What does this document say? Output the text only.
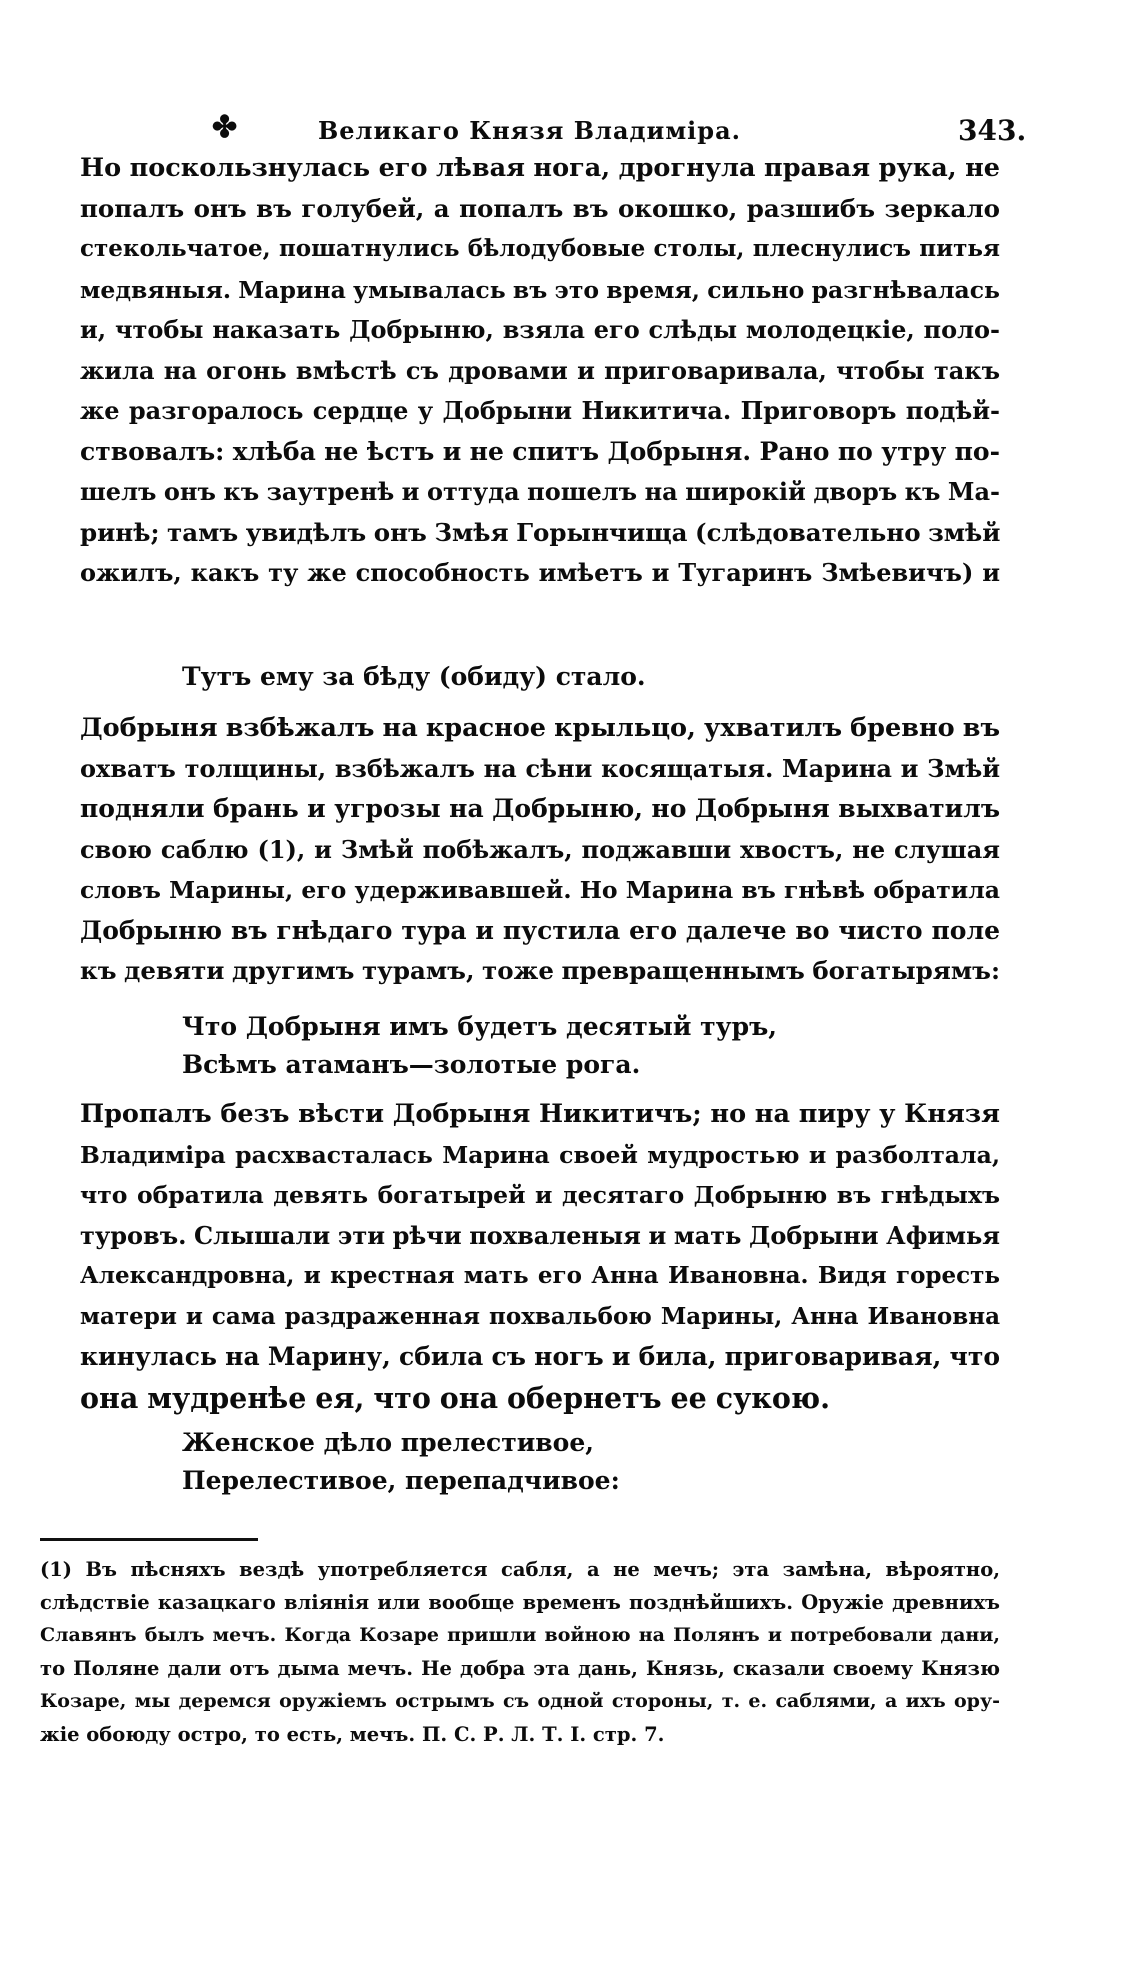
✤	Великаго Князя Владиміра.	343.
Но поскользнулась его лѣвая нога, дрогнула правая рука, не
попалъ онъ въ голубей, а попалъ въ окошко, разшибъ зеркало
стекольчатое, пошатнулись бѣлодубовые столы, плеснулисъ питья
медвяныя. Марина умывалась въ это время, сильно разгнѣвалась
и, чтобы наказать Добрыню, взяла его слѣды молодецкіе, поло-
жила на огонь вмѣстѣ съ дровами и приговаривала, чтобы такъ
же разгоралось сердце у Добрыни Никитича. Приговоръ подѣй-
ствовалъ: хлѣба не ѣстъ и не спитъ Добрыня. Рано по утру по-
шелъ онъ къ заутренѣ и оттуда пошелъ на широкій дворъ къ Ма-
ринѣ; тамъ увидѣлъ онъ Змѣя Горынчища (слѣдовательно змѣй
ожилъ, какъ ту же способность имѣетъ и Тугаринъ Змѣевичъ) и
Тутъ ему за бѣду (обиду) стало.
Добрыня взбѣжалъ на красное крыльцо, ухватилъ бревно въ
охватъ толщины, взбѣжалъ на сѣни косящатыя. Марина и Змѣй
подняли брань и угрозы на Добрыню, но Добрыня выхватилъ
свою саблю (1), и Змѣй побѣжалъ, поджавши хвостъ, не слушая
словъ Марины, его удерживавшей. Но Марина въ гнѣвѣ обратила
Добрыню въ гнѣдаго тура и пустила его далече во чисто поле
къ девяти другимъ турамъ, тоже превращеннымъ богатырямъ:
Что Добрыня имъ будетъ десятый туръ,
Всѣмъ атаманъ—золотые рога.
Пропалъ безъ вѣсти Добрыня Никитичъ; но на пиру у Князя
Владиміра расхвасталась Марина своей мудростью и разболтала,
что обратила девять богатырей и десятаго Добрыню въ гнѣдыхъ
туровъ. Слышали эти рѣчи похваленыя и мать Добрыни Афимья
Александровна, и крестная мать его Анна Ивановна. Видя горесть
матери и сама раздраженная похвальбою Марины, Анна Ивановна
кинулась на Марину, сбила съ ногъ и била, приговаривая, что
она мудренѣе ея, что она обернетъ ее сукою.
Женское дѣло прелестивое,
Перелестивое, перепадчивое:
(1) Въ пѣсняхъ вездѣ употребляется сабля, а не мечъ; эта замѣна, вѣроятно,
слѣдствіе казацкаго вліянія или вообще временъ позднѣйшихъ. Оружіе древнихъ
Славянъ былъ мечъ. Когда Козаре пришли войною на Полянъ и потребовали дани,
то Поляне дали отъ дыма мечъ. Не добра эта дань, Князь, сказали своему Князю
Козаре, мы деремся оружіемъ острымъ съ одной стороны, т. е. саблями, а ихъ ору-
жіе обоюду остро, то есть, мечъ. П. С. Р. Л. Т. І. стр. 7.
